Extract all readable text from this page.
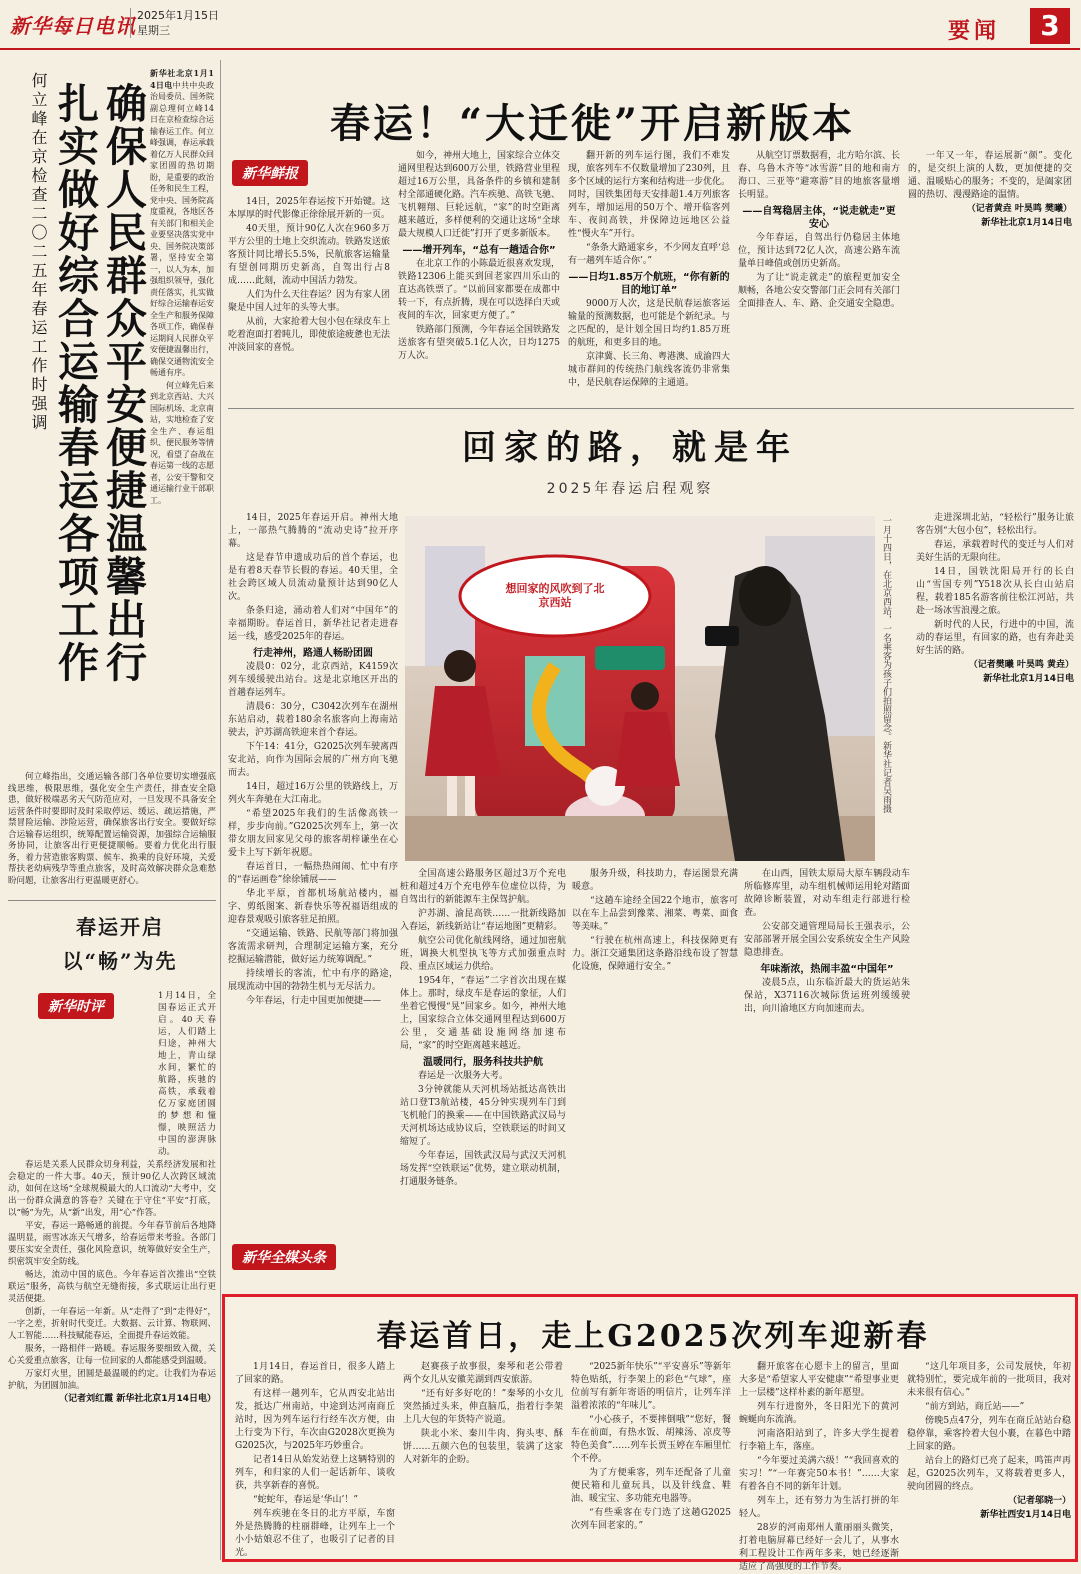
新华每日电讯 2025年1月15日
星期三	要闻	3
何立峰在京检查二〇二五年春运工作时强调 扎实做好综合运输春运各项工作 确保人民群众平安便捷温馨出行

新华社北京1月14日电中共中央政治局委员、国务院副总理何立峰14日在京检查综合运输春运工作。何立峰强调，春运承载着亿万人民群众回家团圆的热切期盼，是重要的政治任务和民生工程，党中央、国务院高度重视，各地区各有关部门和相关企业要坚决落实党中央、国务院决策部署，坚持安全第一，以人为本，加强组织领导，强化责任落实，扎实做好综合运输春运安全生产和服务保障各项工作，确保春运期间人民群众平安便捷温馨出行，确保交通物流安全畅通有序。

何立峰先后来到北京西站、大兴国际机场、北京南站，实地检查了安全生产、春运组织、便民服务等情况，看望了奋战在春运第一线的志愿者，公安干警和交通运输行业干部职工。

何立峰指出，交通运输各部门各单位要切实增强底线思维，极限思维，强化安全生产责任，排查安全隐患，做好极端恶劣天气防范应对，一旦发现不具备安全运营条件时要即时及时采取停运、缓运、疏运措施，严禁冒险运输、涉险运营，确保旅客出行安全。要做好综合运输春运组织，统筹配置运输资源，加强综合运输服务协同，让旅客出行更便捷顺畅。要着力优化出行服务，着力营造旅客购票、候车、换乘的良好环境，关爱帮扶老幼病残孕等重点旅客，及时高效解决群众急难愁盼问题，让旅客出行更温暖更舒心。

春运开启
以“畅”为先
新华时评

1月14日，全国春运正式开启。40天春运，人们踏上归途，神州大地上，青山绿水间，繁忙的航路，疾驰的高铁，承载着亿万家庭团圆的梦想和憧憬，映照活力中国的澎湃脉动。

春运是关系人民群众切身利益，关系经济发展和社会稳定的一件大事。40天，预计90亿人次跨区域流动，如何在这场“全球规模最大的人口流动”大考中，交出一份群众满意的答卷？关键在于守住“平安”打底，以“畅”为先，从“新”出发，用“心”作答。

平安，春运一路畅通的前提。今年春节前后各地降温明显，雨雪冰冻天气增多，给春运带来考验。各部门要压实安全责任，强化风险意识，统筹做好安全生产，织密筑牢安全防线。

畅达，流动中国的底色。今年春运首次推出“空铁联运”服务，高铁与航空无缝衔接，多式联运让出行更灵活便捷。

创新，一年春运一年新。从“走得了”到“走得好”，一字之差，折射时代变迁。大数据、云计算、物联网、人工智能……科技赋能春运，全面提升春运效能。

服务，一路相伴一路暖。春运服务要细致入微，关心关爱重点旅客，让每一位回家的人都能感受到温暖。

万家灯火里，团圆是最温暖的约定。让我们为春运护航，为团圆加油。

（记者刘红霞 新华社北京1月14日电）

春运！“大迁徙”开启新版本
新华鲜报

14日，2025年春运按下开始键。这本厚厚的时代影像正徐徐展开新的一页。

40天里，预计90亿人次在960多万平方公里的土地上交织流动。铁路发送旅客预计同比增长5.5%，民航旅客运输量有望创同期历史新高，自驾出行占8成……此刻，流动中国活力勃发。

人们为什么天往春运？因为有家人团聚是中国人过年的头等大事。

从前，大家抢着大包小包在绿皮车上吃着泡面打着盹儿，即使旅途疲惫也无法冲淡回家的喜悦。

如今，神州大地上，国家综合立体交通网里程达到600万公里，铁路营业里程超过16万公里，具备条件的乡镇和建制村全部通硬化路。汽车疾驰、高铁飞驰、飞机翱翔、巨轮远航，“家”的时空距离越来越近，多样便利的交通让这场“全球最大规模人口迁徙”打开了更多新版本。

——增开列车，“总有一趟适合你”

在北京工作的小陈最近很喜欢发现，铁路12306上能买到回老家四川乐山的直达高铁票了。“以前回家都要在成都中转一下，有点折腾，现在可以选择白天或夜间的车次，回家更方便了。”

铁路部门预测，今年春运全国铁路发送旅客有望突破5.1亿人次，日均1275万人次。

翻开新的列车运行图，我们不难发现，旅客列车不仅数量增加了230列，且多个区域的运行方案和结构进一步优化。同时，国铁集团每天安排超1.4万列旅客列车，增加运用的50万个、增开临客列车、夜间高铁，并保障边远地区公益性“慢火车”开行。

“条条大路通家乡，不少网友直呼‘总有一趟列车适合你’。”

——日均1.85万个航班，“你有新的目的地订单”

9000万人次，这是民航春运旅客运输量的预测数据，也可能是个新纪录。与之匹配的，是计划全国日均约1.85万班的航班，和更多目的地。

京津冀、长三角、粤港澳、成渝四大城市群间的传统热门航线客流仍非常集中，是民航春运保障的主通道。

从航空订票数据看，北方哈尔滨、长春、乌鲁木齐等“冰雪游”目的地和南方海口、三亚等“避寒游”目的地旅客量增长明显。

——自驾稳居主体，“说走就走”更安心

今年春运，自驾出行仍稳居主体地位，预计达到72亿人次，高速公路车流量单日峰值或创历史新高。

为了让“说走就走”的旅程更加安全顺畅，各地公安交警部门正会同有关部门全面排查人、车、路、企交通安全隐患。

一年又一年，春运展新“颜”。变化的，是交织上演的人数，更加便捷的交通、温暖贴心的服务；不变的，是阖家团圆的热切、漫漫路途的温情。

（记者黄垚 叶昊鸣 樊曦）

新华社北京1月14日电

回家的路，就是年
2025年春运启程观察

14日，2025年春运开启。神州大地上，一部热气腾腾的“流动史诗”拉开序幕。

这是春节申遗成功后的首个春运，也是有着8天春节长假的春运。40天里，全社会跨区域人员流动量预计达到90亿人次。

条条归途，涌动着人们对“中国年”的幸福期盼。春运首日，新华社记者走进春运一线，感受2025年的春运。

行走神州，路通人畅盼团圆

凌晨0：02分，北京西站，K4159次列车缓缓驶出站台。这是北京地区开出的首趟春运列车。

清晨6：30分，C3042次列车在湖州东站启动，载着180余名旅客向上海南站驶去，沪苏湖高铁迎来首个春运。

下午14：41分，G2025次列车驶离西安北站，向作为国际会展的广州方向飞驰而去。

14日，超过16万公里的铁路线上，万列火车奔驰在大江南北。

“希望2025年我们的生活像高铁一样，步步向前。”G2025次列车上，第一次带女朋友回家见父母的旅客胡梓谦坐在心爱卡上写下新年祝愿。

春运首日，一幅热热闹闹、忙中有序的“春运画卷”徐徐铺展——

华北平原，首都机场航站楼内，福字、剪纸图案、新春快乐等祝福语组成的迎春景观吸引旅客驻足拍照。

“交通运输、铁路、民航等部门将加强客流需求研判，合理制定运输方案，充分挖掘运输潜能，做好运力统筹调配。”

持续增长的客流，忙中有序的路途，展现流动中国的勃勃生机与无尽活力。

今年春运，行走中国更加便捷——

想回家的风吹到了北京西站	一月十四日，在北京西站，一名乘客为孩子们拍照留念。新华社记者吴雨摄

全国高速公路服务区超过3万个充电桩和超过4万个充电停车位虚位以待，为自驾出行的新能源车主保驾护航。

沪苏湖、渝昆高铁……一批新线路加入春运，新线新站让“春运地图”更精彩。

航空公司优化航线网络，通过加密航班，调换大机型执飞等方式加强重点时段、重点区域运力供给。

1954年，“春运”二字首次出现在媒体上。那时，绿皮车是春运的象征，人们坐着它慢慢“晃”回家乡。如今，神州大地上，国家综合立体交通网里程达到600万公里，交通基础设施网络加速布局，“家”的时空距离越来越近。

温暖同行，服务科技共护航

春运是一次服务大考。

3分钟就能从天河机场站抵达高铁出站口登T3航站楼，45分钟实现列车门到飞机舱门的换乘——在中国铁路武汉局与天河机场达成协议后，空铁联运的时间又缩短了。

今年春运，国铁武汉局与武汉天河机场发挥“空铁联运”优势，建立联动机制，打通服务链条。

服务升级，科技助力，春运图景充满暖意。

“这趟车途经全国22个地市，旅客可以在车上品尝到豫菜、湘菜、粤菜、面食等美味。”

“行驶在杭州高速上，科技保障更有力。浙江交通集团这条路沿线布设了智慧化设施，保障通行安全。”

在山西，国铁太原局大原车辆段动车所临修库里，动车组机械师运用轮对踏面故障诊断装置，对动车组走行部进行检查。

公安部交通管理局局长王强表示，公安部部署开展全国公安系统安全生产风险隐患排查。

年味渐浓，热闹丰盈“中国年”

凌晨5点，山东临沂最大的货运站朱保站，X37116次城际货运班列缓缓驶出，向川渝地区方向加速而去。

走进深圳北站，“轻松行”服务让旅客告别“大包小包”，轻松出行。

春运，承载着时代的变迁与人们对美好生活的无限向往。

14日，国铁沈阳局开行的长白山“雪国专列”Y518次从长白山站启程，载着185名游客前往松江河站，共赴一场冰雪浪漫之旅。

新时代的人民，行进中的中国，流动的春运里，有回家的路，也有奔赴美好生活的路。

（记者樊曦 叶昊鸣 黄垚）

新华社北京1月14日电

新华全媒头条
春运首日，走上G2025次列车迎新春

1月14日，春运首日，很多人踏上了回家的路。

有这样一趟列车，它从西安北站出发，抵达广州南站，中途到达河南商丘站时，因为列车运行行经车次方便，由上行变为下行，车次由G2028次更换为G2025次，与2025年巧妙重合。

记者14日从始发站登上这辆特别的列车，和归家的人们一起话新年、谈收获，共享新春的喜悦。

“蛇蛇年，春运是‘华山’！”

列车疾驰在冬日的北方平原，车窗外是热腾腾的柱丽群峰，让列车上一个小小姑娘忍不住了，也吸引了记者的目光。

赵赛孩子故事很，秦琴和老公带着两个女儿从安徽芜湖到西安旅游。

“还有好多好吃的！”秦琴的小女儿突然插过头来，伸直脑瓜，指着行李架上几大包的年货特产说道。

陕北小米、秦川牛肉、狗头枣、酥饼……五颜六色的包装里，装满了这家人对新年的企盼。

“2025新年快乐”“平安喜乐”等新年特色贴纸，行李架上的彩色“气球”，座位前写有新年寄语的明信片，让列车洋溢着浓浓的“年味儿”。

“小心孩子，不要摔倒哦”“您好，餐车在前面，有热水饭、胡辣汤、凉皮等特色美食”……列车长贾玉婷在车厢里忙个不停。

为了方便乘客，列车还配备了儿童便民箱和儿童玩具，以及针线盒、鞋油、暖宝宝、多功能充电器等。

“有些乘客在专门选了这趟G2025次列车回老家的。”

翻开旅客在心愿卡上的留言，里面大多是“希望家人平安健康”“希望事业更上一层楼”这样朴素的新年愿望。

列车行进窗外，冬日阳光下的黄河蜿蜒向东流淌。

河南洛阳站到了，许多大学生提着行李箱上车，落座。

“今年要过美满六级！”“我回喜欢的实习！”“一年赛完50本书！”……大家有着各自不同的新年计划。

列车上，还有努力为生活打拼的年轻人。

28岁的河南郑州人董丽丽头微笑，打着电脑屏幕已经好一会儿了，从事水利工程设计工作两年多来，她已经逐渐适应了高强度的工作节奏。

“这几年项目多，公司发展快，年初就特别忙，要完成年前的一批项目，我对未来很有信心。”

“前方到站，商丘站——”

傍晚5点47分，列车在商丘站站台稳稳停靠，乘客拎着大包小裹，在暮色中踏上回家的路。

站台上的路灯已亮了起来，鸣笛声再起，G2025次列车，又将载着更多人，驶向团圆的终点。

（记者邬晓一）

新华社西安1月14日电
